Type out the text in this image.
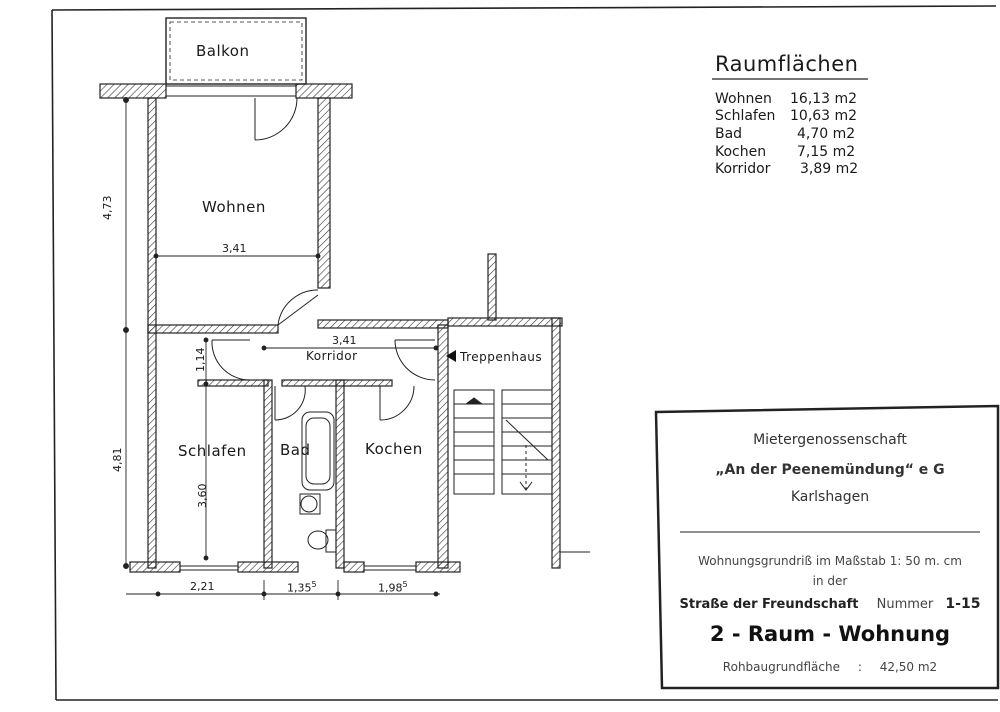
Balkon
Wohnen
Schlafen Bad	Kochen
Korridor	Treppenhaus
3,41
3,41
4,73
4,81
1,14
3,60
2,21	1,35$^5$	1,98$^5$
Raumflächen
Wohnen 16,13 m2
Schlafen 10,63 m2
Bad	4,70 m2
Kochen 7,15 m2
Korridor 3,89 m2
Mietergenossenschaft
„An der Peenemündung“ e G
Karlshagen
Wohnungsgrundriß im Maßstab 1: 50 m. cm
in der
Straße der Freundschaft Nummer 1-15
2 - Raum - Wohnung
Rohbaugrundfläche : 42,50 m2
